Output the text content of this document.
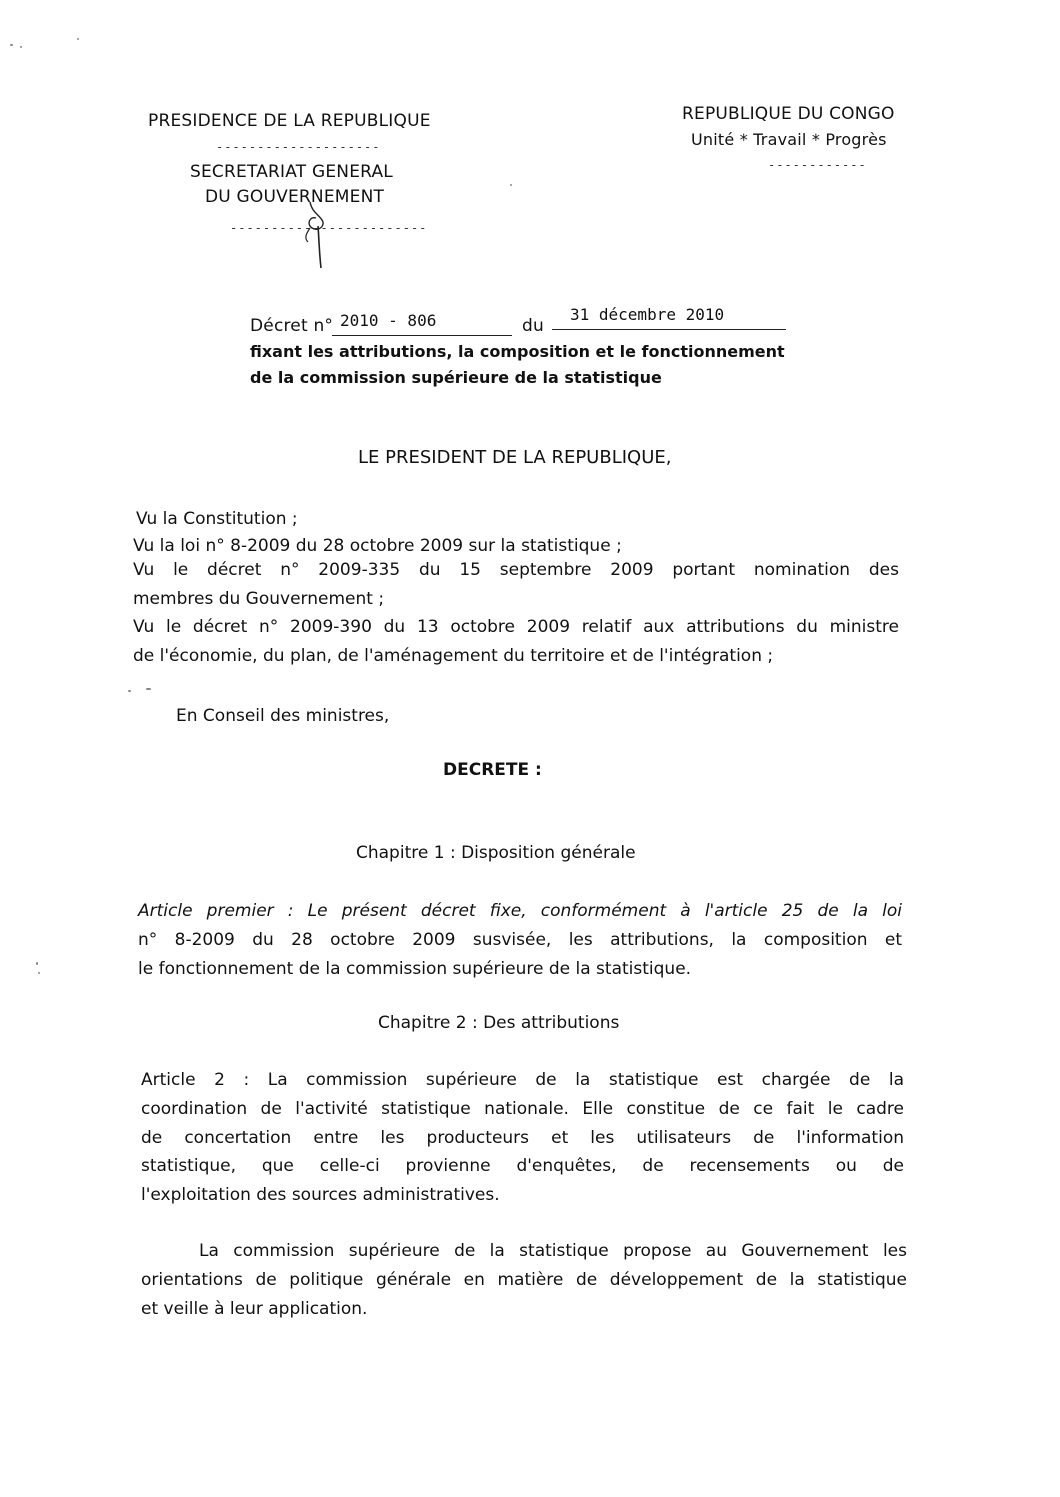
PRESIDENCE DE LA REPUBLIQUE
--------------------
SECRETARIAT GENERAL
DU GOUVERNEMENT
------------------------
REPUBLIQUE DU CONGO
Unité * Travail * Progrès
------------
Décret n° 2010 - 806	du
31 décembre 2010
fixant les attributions, la composition et le fonctionnement
de la commission supérieure de la statistique
LE PRESIDENT DE LA REPUBLIQUE,
Vu la Constitution ;
Vu la loi n° 8-2009 du 28 octobre 2009 sur la statistique ;
Vu le décret n° 2009-335 du 15 septembre 2009 portant nomination des
membres du Gouvernement ;
Vu le décret n° 2009-390 du 13 octobre 2009 relatif aux attributions du ministre
de l'économie, du plan, de l'aménagement du territoire et de l'intégration ;
En Conseil des ministres,
DECRETE :
Chapitre 1 : Disposition générale
Article premier : Le présent décret fixe, conformément à l'article 25 de la loi
n° 8-2009 du 28 octobre 2009 susvisée, les attributions, la composition et
le fonctionnement de la commission supérieure de la statistique.
Chapitre 2 : Des attributions
Article 2 : La commission supérieure de la statistique est chargée de la
coordination de l'activité statistique nationale. Elle constitue de ce fait le cadre
de concertation entre les producteurs et les utilisateurs de l'information
statistique, que celle-ci provienne d'enquêtes, de recensements ou de
l'exploitation des sources administratives.
La commission supérieure de la statistique propose au Gouvernement les
orientations de politique générale en matière de développement de la statistique
et veille à leur application.
